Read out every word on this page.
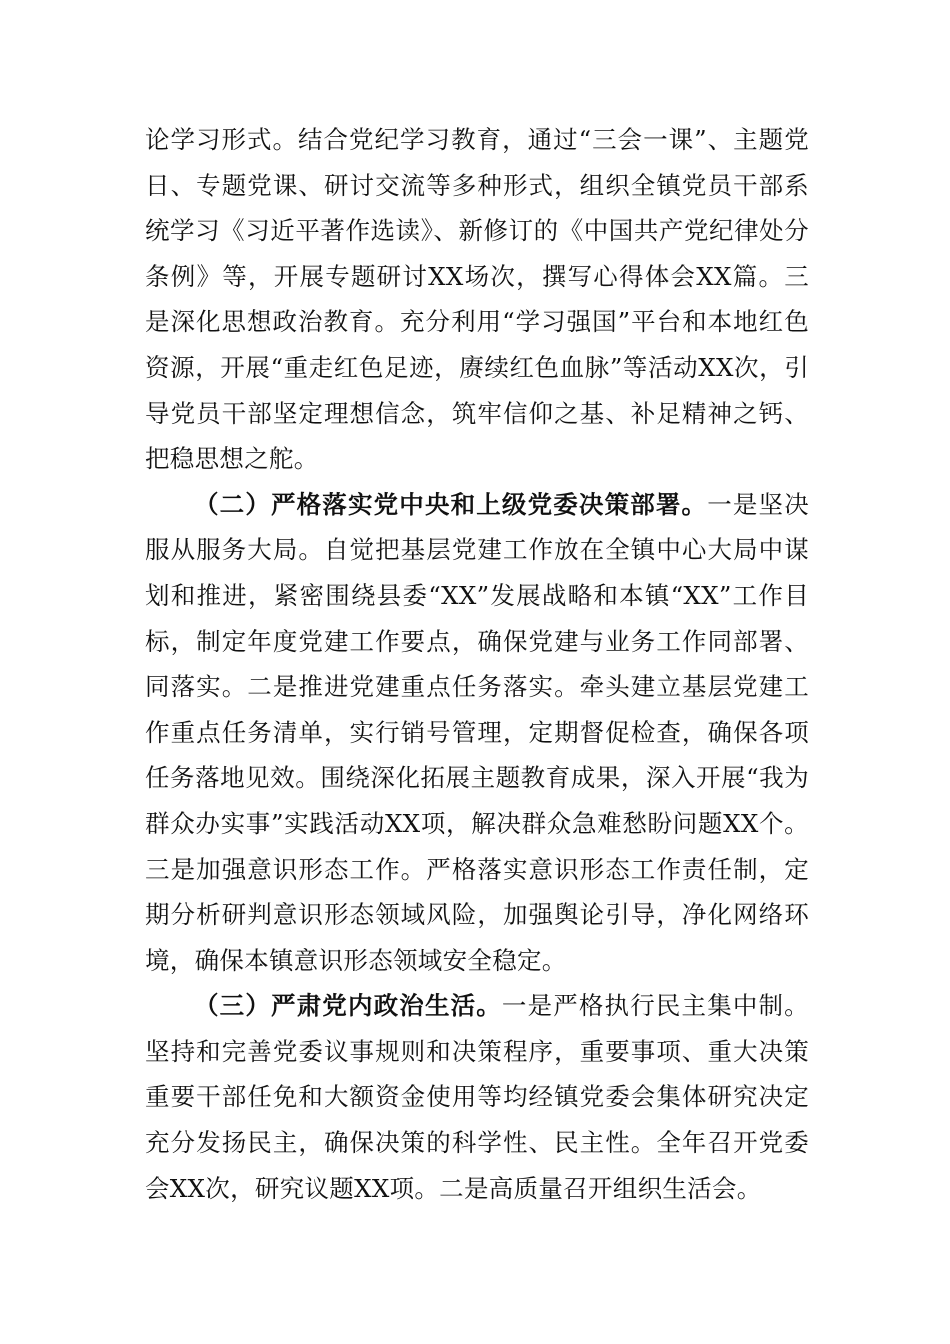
论学习形式。结合党纪学习教育，通过“三会一课”、主题党日、专题党课、研讨交流等多种形式，组织全镇党员干部系统学习《习近平著作选读》、新修订的《中国共产党纪律处分条例》等，开展专题研讨XX场次，撰写心得体会XX篇。三是深化思想政治教育。充分利用“学习强国”平台和本地红色资源，开展“重走红色足迹，赓续红色血脉”等活动XX次，引导党员干部坚定理想信念，筑牢信仰之基、补足精神之钙、把稳思想之舵。

（二）严格落实党中央和上级党委决策部署。一是坚决服从服务大局。自觉把基层党建工作放在全镇中心大局中谋划和推进，紧密围绕县委“XX”发展战略和本镇“XX”工作目标，制定年度党建工作要点，确保党建与业务工作同部署、同落实。二是推进党建重点任务落实。牵头建立基层党建工作重点任务清单，实行销号管理，定期督促检查，确保各项任务落地见效。围绕深化拓展主题教育成果，深入开展“我为群众办实事”实践活动XX项，解决群众急难愁盼问题XX个。三是加强意识形态工作。严格落实意识形态工作责任制，定期分析研判意识形态领域风险，加强舆论引导，净化网络环境，确保本镇意识形态领域安全稳定。

（三）严肃党内政治生活。一是严格执行民主集中制。坚持和完善党委议事规则和决策程序，重要事项、重大决策重要干部任免和大额资金使用等均经镇党委会集体研究决定充分发扬民主，确保决策的科学性、民主性。全年召开党委会XX次，研究议题XX项。二是高质量召开组织生活会。
